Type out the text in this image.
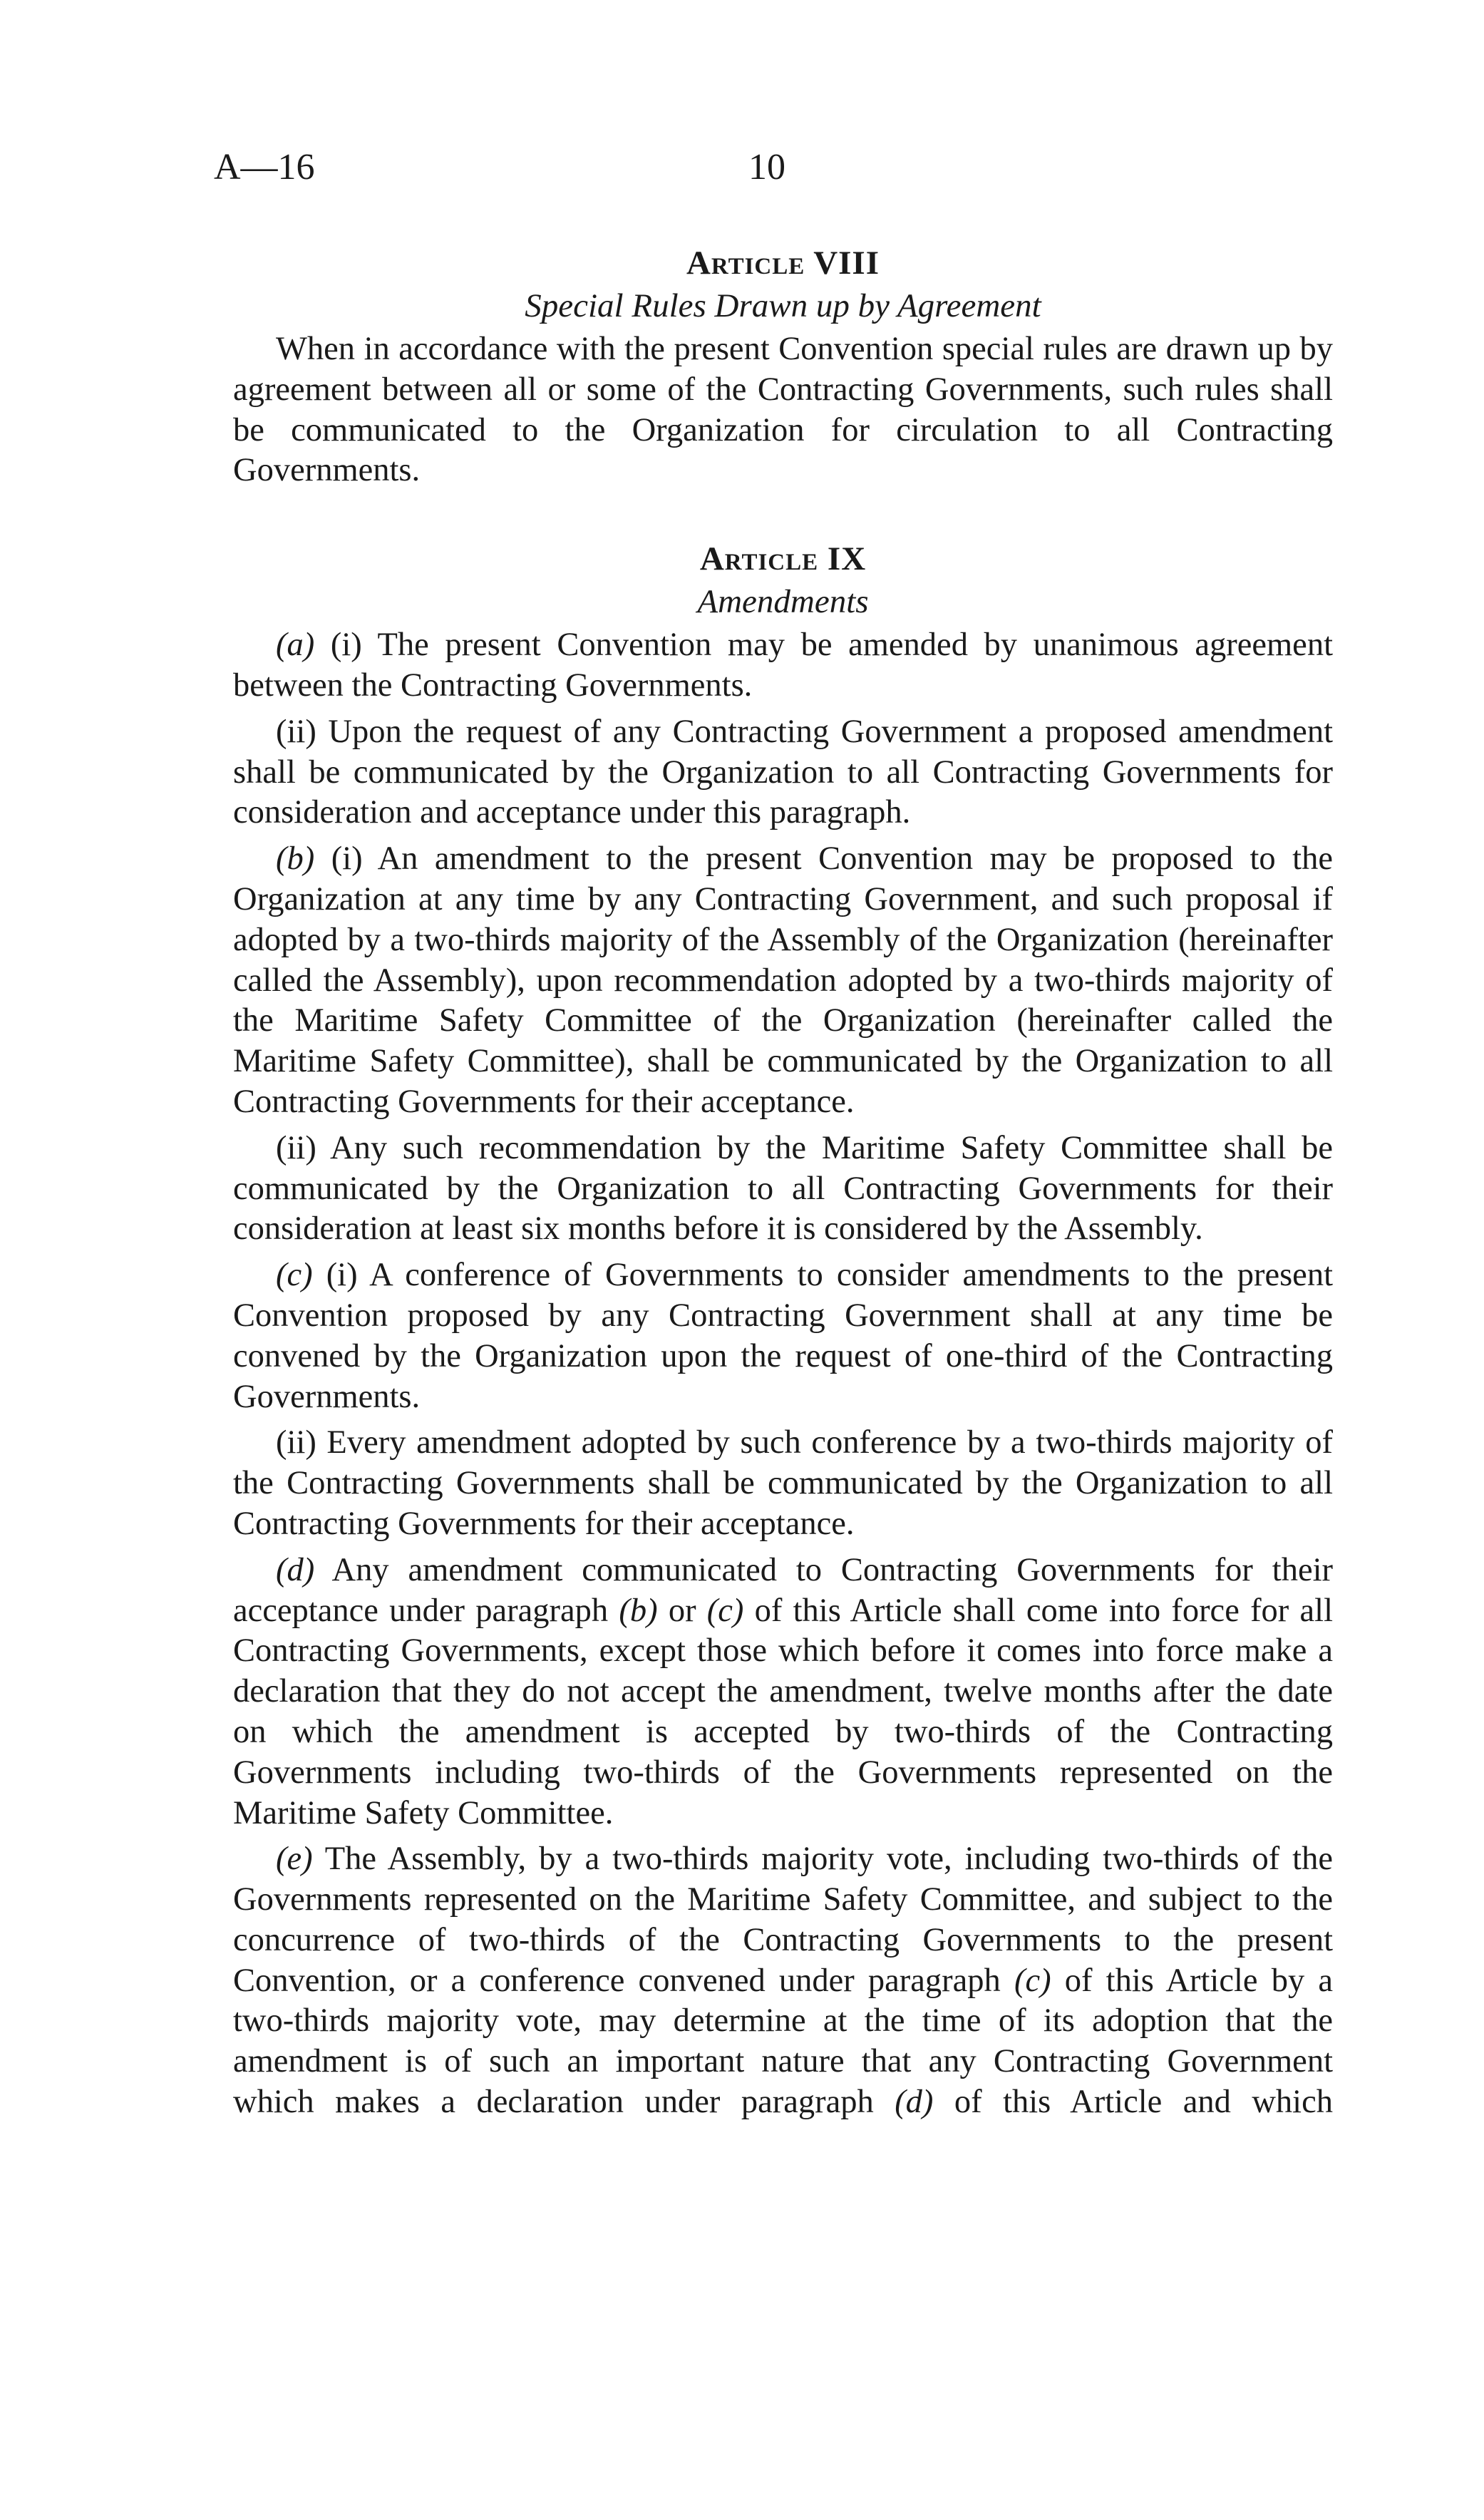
A—16	10
Article VIII
Special Rules Drawn up by Agreement

When in accordance with the present Convention special rules are drawn up by agreement between all or some of the Contracting Governments, such rules shall be communicated to the Organization for circulation to all Contracting Governments.

Article IX
Amendments

(a) (i) The present Convention may be amended by unanimous agreement between the Contracting Governments.

(ii) Upon the request of any Contracting Government a proposed amendment shall be communicated by the Organization to all Contracting Governments for consideration and acceptance under this paragraph.

(b) (i) An amendment to the present Convention may be proposed to the Organization at any time by any Contracting Government, and such proposal if adopted by a two-thirds majority of the Assembly of the Organization (hereinafter called the Assembly), upon recommendation adopted by a two-thirds majority of the Maritime Safety Committee of the Organization (hereinafter called the Maritime Safety Committee), shall be communicated by the Organization to all Contracting Governments for their acceptance.

(ii) Any such recommendation by the Maritime Safety Committee shall be communicated by the Organization to all Contracting Governments for their consideration at least six months before it is considered by the Assembly.

(c) (i) A conference of Governments to consider amendments to the present Convention proposed by any Contracting Government shall at any time be convened by the Organization upon the request of one-third of the Contracting Governments.

(ii) Every amendment adopted by such conference by a two-thirds majority of the Contracting Governments shall be communicated by the Organization to all Contracting Governments for their acceptance.

(d) Any amendment communicated to Contracting Governments for their acceptance under paragraph (b) or (c) of this Article shall come into force for all Contracting Governments, except those which before it comes into force make a declaration that they do not accept the amendment, twelve months after the date on which the amendment is accepted by two-thirds of the Contracting Governments including two-thirds of the Governments represented on the Maritime Safety Committee.

(e) The Assembly, by a two-thirds majority vote, including two-thirds of the Governments represented on the Maritime Safety Committee, and subject to the concurrence of two-thirds of the Contracting Governments to the present Convention, or a conference convened under paragraph (c) of this Article by a two-thirds majority vote, may determine at the time of its adoption that the amendment is of such an important nature that any Contracting Government which makes a declaration under paragraph (d) of this Article and which
